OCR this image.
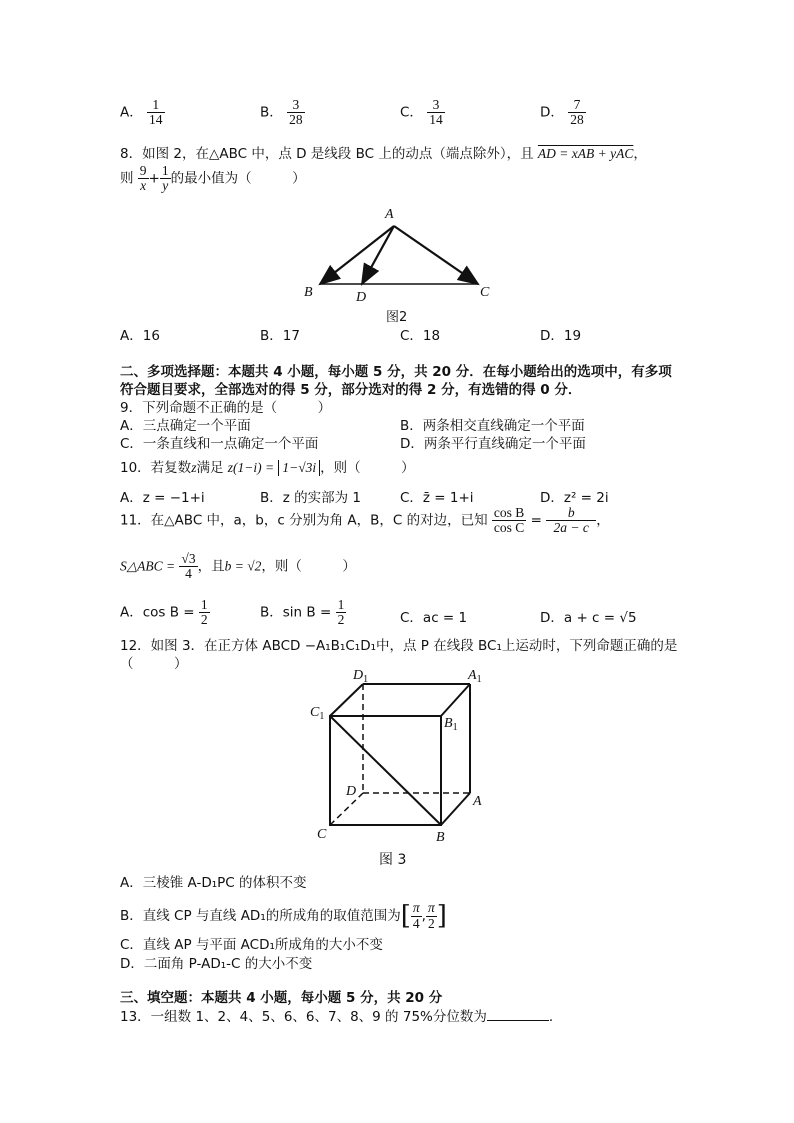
A． $\frac{1}{14}$	B． $\frac{3}{28}$	C． $\frac{3}{14}$	D． $\frac{7}{28}$
8．如图 2，在△ABC 中，点 D 是线段 BC 上的动点（端点除外），且 AD = xAB + yAC，
则 $\frac{9}{x} + \frac{1}{y}$ 的最小值为（　　　）
A
B	C
D
图2
A．16	B．17	C．18	D．19
二、多项选择题：本题共 4 小题，每小题 5 分，共 20 分．在每小题给出的选项中，有多项
符合题目要求，全部选对的得 5 分，部分选对的得 2 分，有选错的得 0 分．
9．下列命题不正确的是（　　　）
A．三点确定一个平面	B．两条相交直线确定一个平面
C．一条直线和一点确定一个平面	D．两条平行直线确定一个平面
10．若复数z满足 z(1−i) = 1−√3i ，则（　　　）
A．z = −1+i	B．z 的实部为 1	C．z̄ = 1+i	D．z² = 2i
11．在△ABC 中，a，b，c 分别为角 A，B，C 的对边，已知 $\frac{\text{cos B}}{\text{cos C}} = \frac{b}{2a - c}$ ，
S△ABC = $\frac{√3}{4}$ ，且b = √2，则（　　　）
A．$\cos B = \frac{1}{2}$	B．$\sin B = \frac{1}{2}$	C．ac = 1	D．a + c = √5
12．如图 3．在正方体 ABCD −A₁B₁C₁D₁中，点 P 在线段 BC₁上运动时，下列命题正确的是
（　　　）
$D_1$	$A_1$
$C_1$	$B_1$
D
A
C	B
图 3
A．三棱锥 A-D₁PC 的体积不变
B．直线 CP 与直线 AD₁的所成角的取值范围为[ $\frac{\pi}{4}$ , $\frac{\pi}{2}$ ]
C．直线 AP 与平面 ACD₁所成角的大小不变
D．二面角 P-AD₁-C 的大小不变
三、填空题：本题共 4 小题，每小题 5 分，共 20 分
13．一组数 1、2、4、5、6、6、7、8、9 的 75%分位数为	．
